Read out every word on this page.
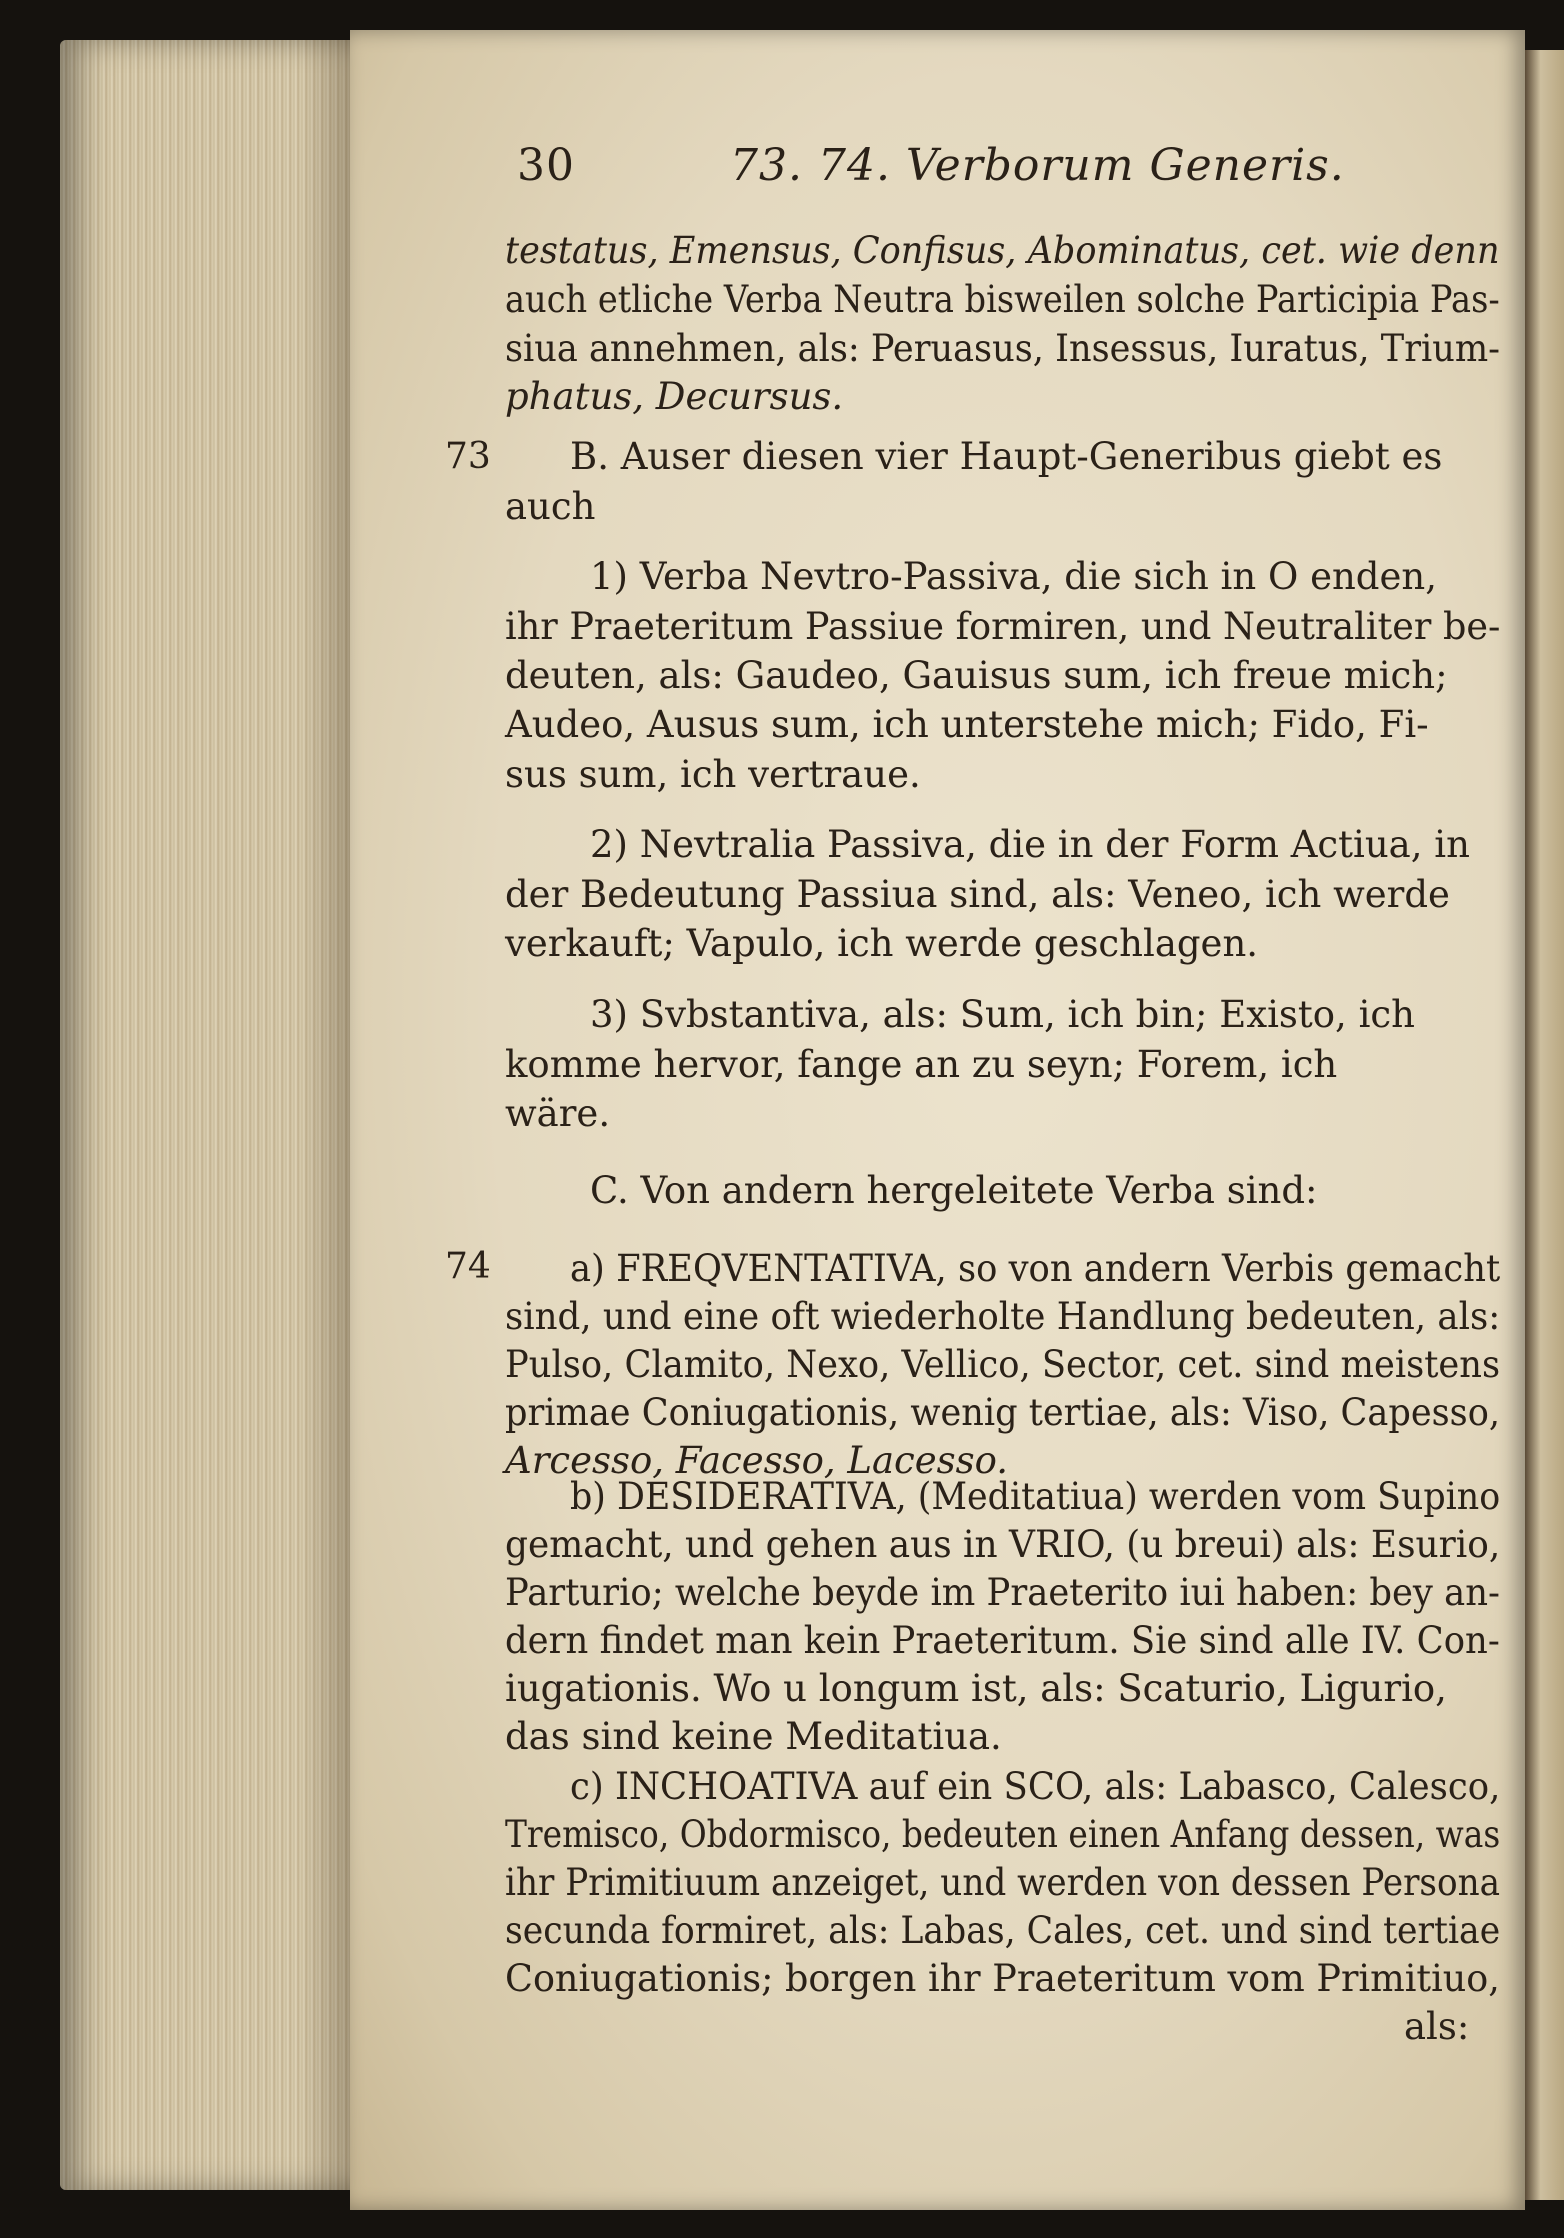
30	73. 74. Verborum Generis.
73
74
testatus, Emensus, Confisus, Abominatus, cet. wie denn
auch etliche Verba Neutra bisweilen solche Participia Pas-
siua annehmen, als: Peruasus, Insessus, Iuratus, Trium-
phatus, Decursus.
B. Auser diesen vier Haupt-Generibus giebt es
auch
1) Verba Nevtro-Passiva, die sich in O enden,
ihr Praeteritum Passiue formiren, und Neutraliter be-
deuten, als: Gaudeo, Gauisus sum, ich freue mich;
Audeo, Ausus sum, ich unterstehe mich; Fido, Fi-
sus sum, ich vertraue.
2) Nevtralia Passiva, die in der Form Actiua, in
der Bedeutung Passiua sind, als: Veneo, ich werde
verkauft; Vapulo, ich werde geschlagen.
3) Svbstantiva, als: Sum, ich bin; Existo, ich
komme hervor, fange an zu seyn; Forem, ich
wäre.
C. Von andern hergeleitete Verba sind:
a) FREQVENTATIVA, so von andern Verbis gemacht
sind, und eine oft wiederholte Handlung bedeuten, als:
Pulso, Clamito, Nexo, Vellico, Sector, cet. sind meistens
primae Coniugationis, wenig tertiae, als: Viso, Capesso,
Arcesso, Facesso, Lacesso.
b) DESIDERATIVA, (Meditatiua) werden vom Supino
gemacht, und gehen aus in VRIO, (u breui) als: Esurio,
Parturio; welche beyde im Praeterito iui haben: bey an-
dern findet man kein Praeteritum. Sie sind alle IV. Con-
iugationis. Wo u longum ist, als: Scaturio, Ligurio,
das sind keine Meditatiua.
c) INCHOATIVA auf ein SCO, als: Labasco, Calesco,
Tremisco, Obdormisco, bedeuten einen Anfang dessen, was
ihr Primitiuum anzeiget, und werden von dessen Persona
secunda formiret, als: Labas, Cales, cet. und sind tertiae
Coniugationis; borgen ihr Praeteritum vom Primitiuo,
als:
